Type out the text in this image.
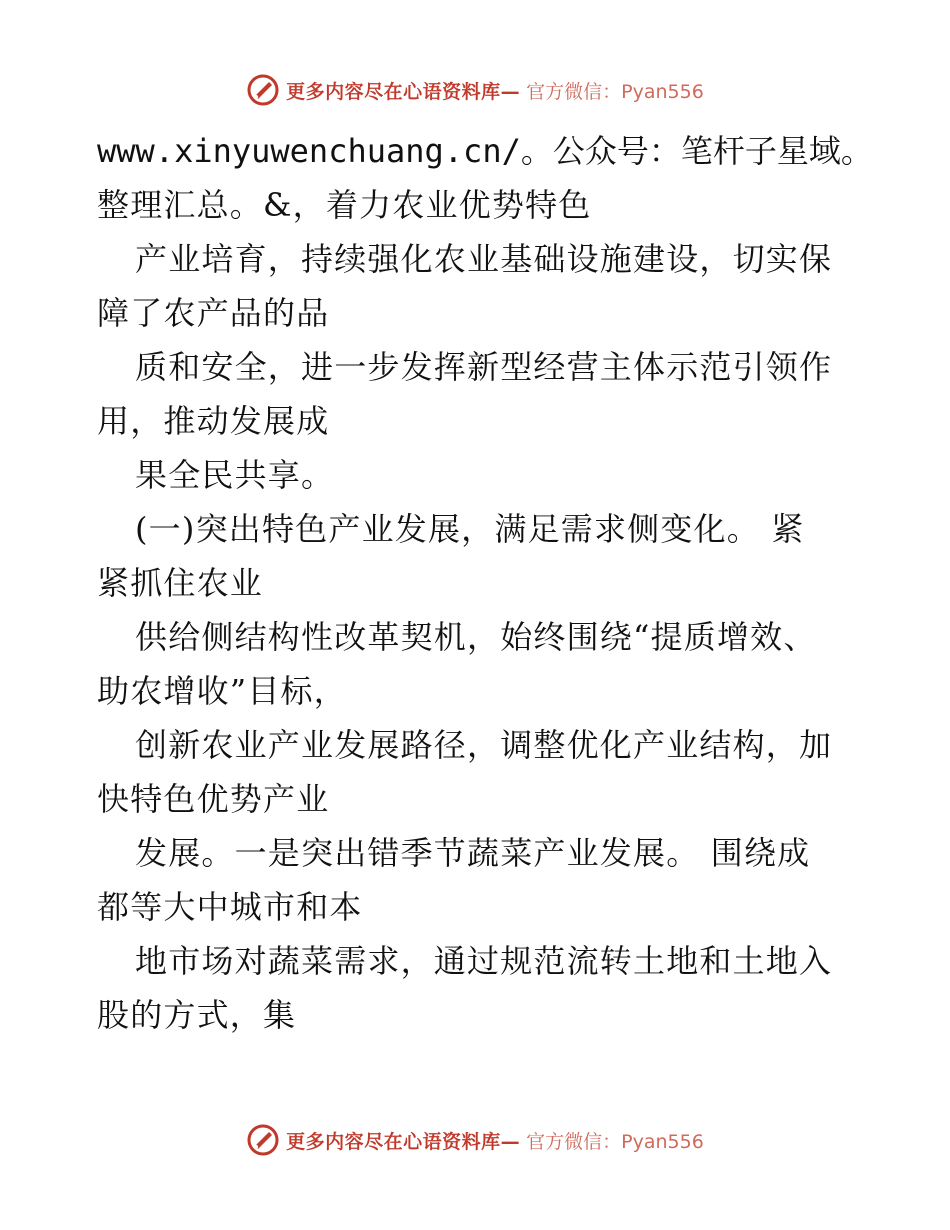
更多内容尽在心语资料库— 官方微信：Pyan556
www.xinyuwenchuang.cn/。公众号：笔杆子星域。
整理汇总。&，着力农业优势特色
产业培育，持续强化农业基础设施建设，切实保
障了农产品的品
质和安全，进一步发挥新型经营主体示范引领作
用，推动发展成
果全民共享。
(一)突出特色产业发展，满足需求侧变化。 紧
紧抓住农业
供给侧结构性改革契机，始终围绕“提质增效、
助农增收”目标，
创新农业产业发展路径，调整优化产业结构，加
快特色优势产业
发展。一是突出错季节蔬菜产业发展。 围绕成
都等大中城市和本
地市场对蔬菜需求，通过规范流转土地和土地入
股的方式，集
更多内容尽在心语资料库— 官方微信：Pyan556
